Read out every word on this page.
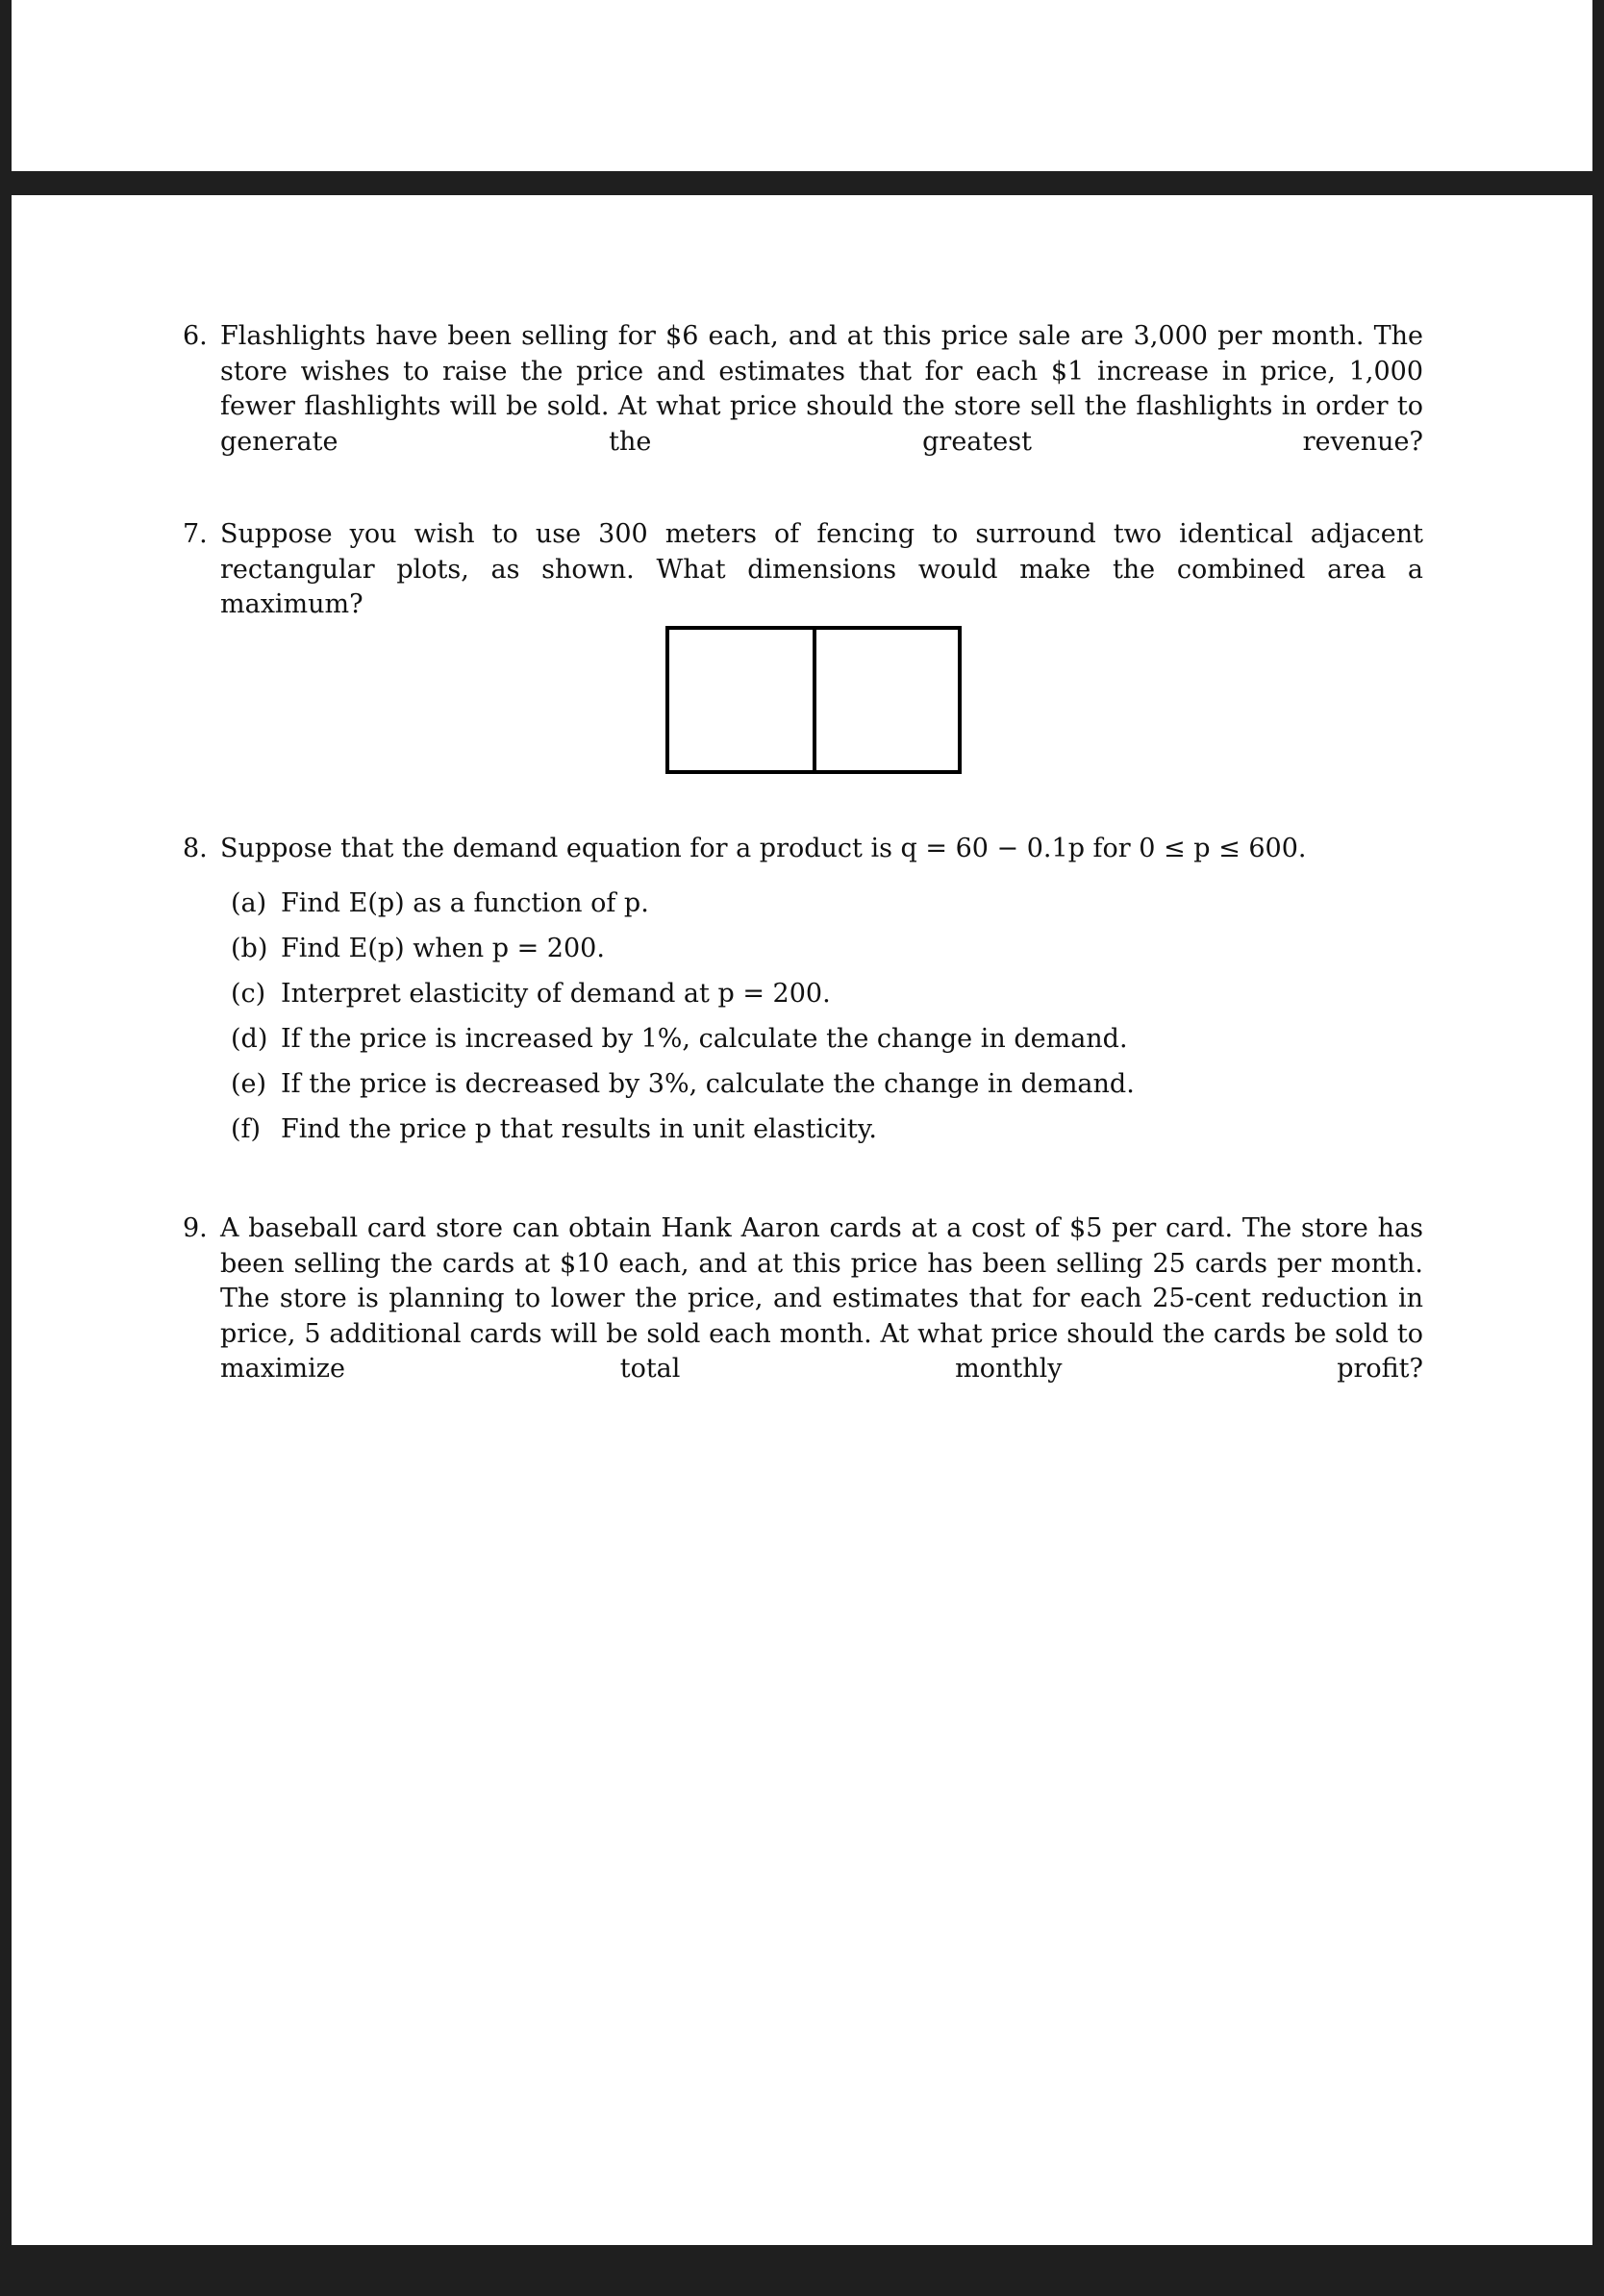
6. Flashlights have been selling for $6 each, and at this price sale are 3,000 per month. The store wishes to raise the price and estimates that for each $1 increase in price, 1,000 fewer flashlights will be sold. At what price should the store sell the flashlights in order to generate the greatest revenue?
7. Suppose you wish to use 300 meters of fencing to surround two identical adjacent rectangular plots, as shown. What dimensions would make the combined area a maximum?
8. Suppose that the demand equation for a product is q = 60 − 0.1p for 0 ≤ p ≤ 600.
(a) Find E(p) as a function of p.
(b) Find E(p) when p = 200.
(c) Interpret elasticity of demand at p = 200.
(d) If the price is increased by 1%, calculate the change in demand.
(e) If the price is decreased by 3%, calculate the change in demand.
(f) Find the price p that results in unit elasticity.
9. A baseball card store can obtain Hank Aaron cards at a cost of $5 per card. The store has been selling the cards at $10 each, and at this price has been selling 25 cards per month. The store is planning to lower the price, and estimates that for each 25-cent reduction in price, 5 additional cards will be sold each month. At what price should the cards be sold to maximize total monthly profit?
